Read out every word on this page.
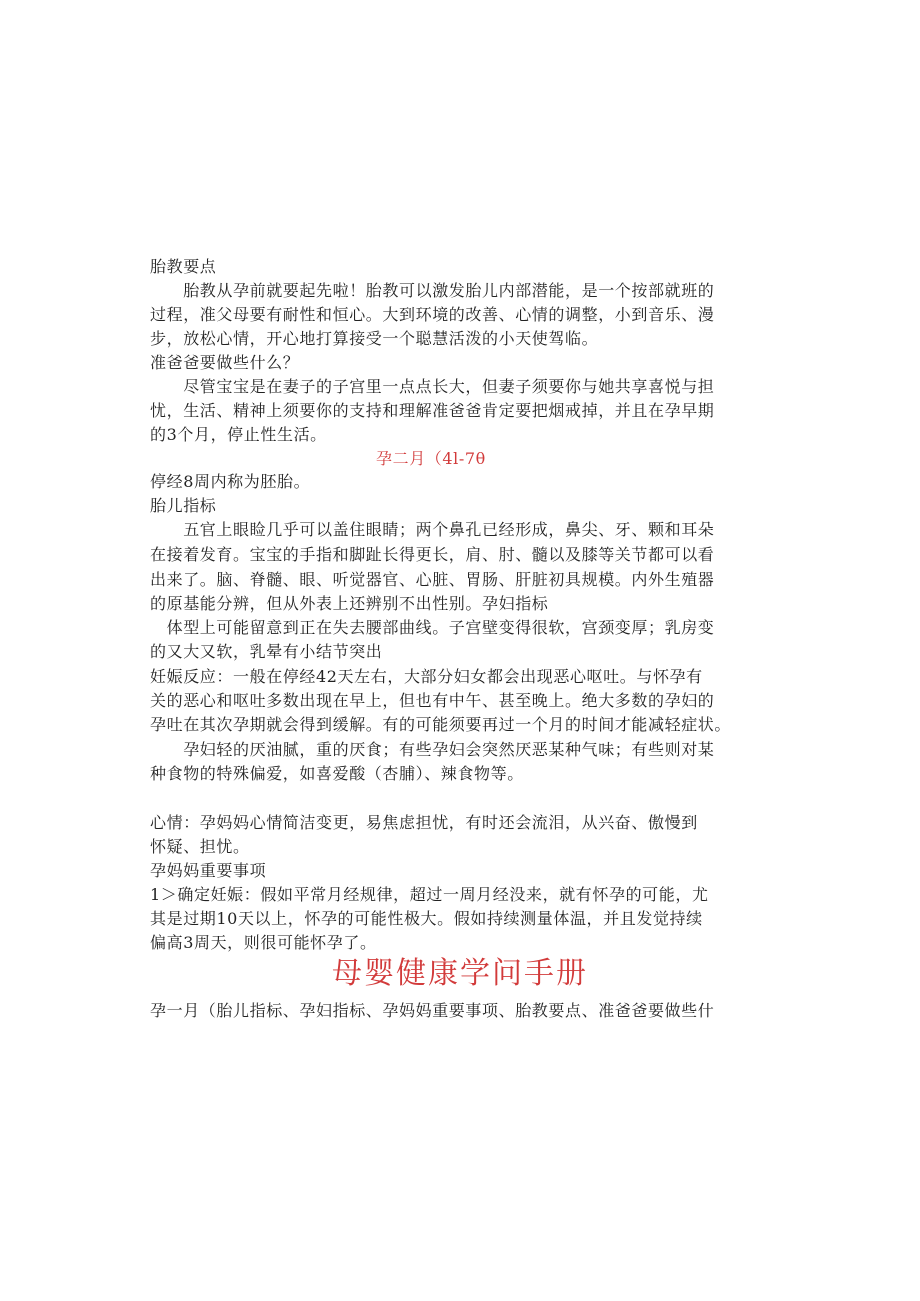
胎教要点
　　胎教从孕前就要起先啦！胎教可以激发胎儿内部潜能，是一个按部就班的
过程，准父母要有耐性和恒心。大到环境的改善、心情的调整，小到音乐、漫
步，放松心情，开心地打算接受一个聪慧活泼的小天使驾临。
准爸爸要做些什么？
　　尽管宝宝是在妻子的子宫里一点点长大，但妻子须要你与她共享喜悦与担
忧，生活、精神上须要你的支持和理解准爸爸肯定要把烟戒掉，并且在孕早期
的3个月，停止性生活。
孕二月（4l-7θ
停经8周内称为胚胎。
胎儿指标
　　五官上眼睑几乎可以盖住眼睛；两个鼻孔已经形成，鼻尖、牙、颗和耳朵
在接着发育。宝宝的手指和脚趾长得更长，肩、肘、髓以及膝等关节都可以看
出来了。脑、脊髓、眼、听觉器官、心脏、胃肠、肝脏初具规模。内外生殖器
的原基能分辨，但从外表上还辨别不出性别。孕妇指标
　体型上可能留意到正在失去腰部曲线。子宫壁变得很软，宫颈变厚；乳房变
的又大又软，乳晕有小结节突出
妊娠反应：一般在停经42天左右，大部分妇女都会出现恶心呕吐。与怀孕有
关的恶心和呕吐多数出现在早上，但也有中午、甚至晚上。绝大多数的孕妇的
孕吐在其次孕期就会得到缓解。有的可能须要再过一个月的时间才能减轻症状。
　　孕妇轻的厌油腻，重的厌食；有些孕妇会突然厌恶某种气味；有些则对某
种食物的特殊偏爱，如喜爱酸（杏脯）、辣食物等。
心情：孕妈妈心情简洁变更，易焦虑担忧，有时还会流泪，从兴奋、傲慢到
怀疑、担忧。
孕妈妈重要事项
1＞确定妊娠：假如平常月经规律，超过一周月经没来，就有怀孕的可能，尤
其是过期10天以上，怀孕的可能性极大。假如持续测量体温，并且发觉持续
偏高3周天，则很可能怀孕了。
母婴健康学问手册
孕一月（胎儿指标、孕妇指标、孕妈妈重要事项、胎教要点、准爸爸要做些什
